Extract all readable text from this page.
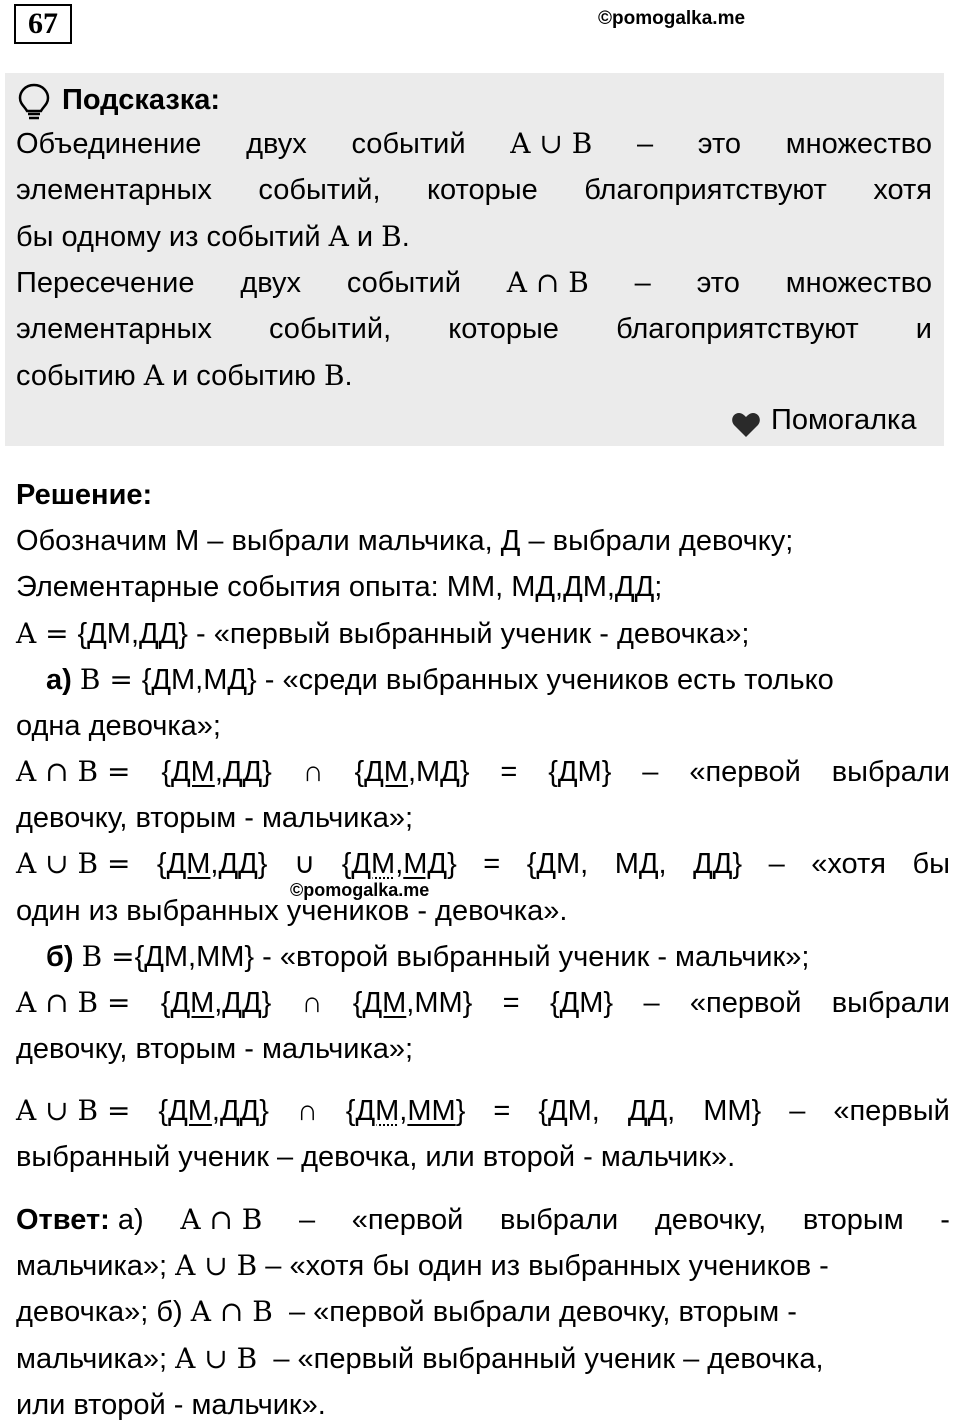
67	©pomogalka.me
Подсказка:
Объединение двух событий A ∪ B – это множество
элементарных событий, которые благоприятствуют хотя
бы одному из событий A и B.
Пересечение двух событий A ∩ B – это множество
элементарных событий, которые благоприятствуют и
событию A и событию B.
Помогалка
Решение:
Обозначим М – выбрали мальчика, Д – выбрали девочку;
Элементарные события опыта: ММ, МД,ДМ,ДД;
A = {ДМ,ДД} - «первый выбранный ученик - девочка»;
а) B = {ДМ,МД} - «среди выбранных учеников есть только
одна девочка»;
A ∩ B = {ДМ,ДД} ∩ {ДМ,МД} = {ДМ} – «первой выбрали
девочку, вторым - мальчика»;
A ∪ B = {ДМ,ДД} ∪ {ДМ,МД} = {ДМ, МД, ДД} – «хотя бы
один из выбранных учеников - девочка».
©pomogalka.me
б) B ={ДМ,ММ} - «второй выбранный ученик - мальчик»;
A ∩ B = {ДМ,ДД} ∩ {ДМ,ММ} = {ДМ} – «первой выбрали
девочку, вторым - мальчика»;
A ∪ B = {ДМ,ДД} ∩ {ДМ,ММ} = {ДМ, ДД, ММ} – «первый
выбранный ученик – девочка, или второй - мальчик».
Ответ: а) A ∩ B – «первой выбрали девочку, вторым -
мальчика»; A ∪ B – «хотя бы один из выбранных учеников -
девочка»; б) A ∩ B – «первой выбрали девочку, вторым -
мальчика»; A ∪ B – «первый выбранный ученик – девочка,
или второй - мальчик».
